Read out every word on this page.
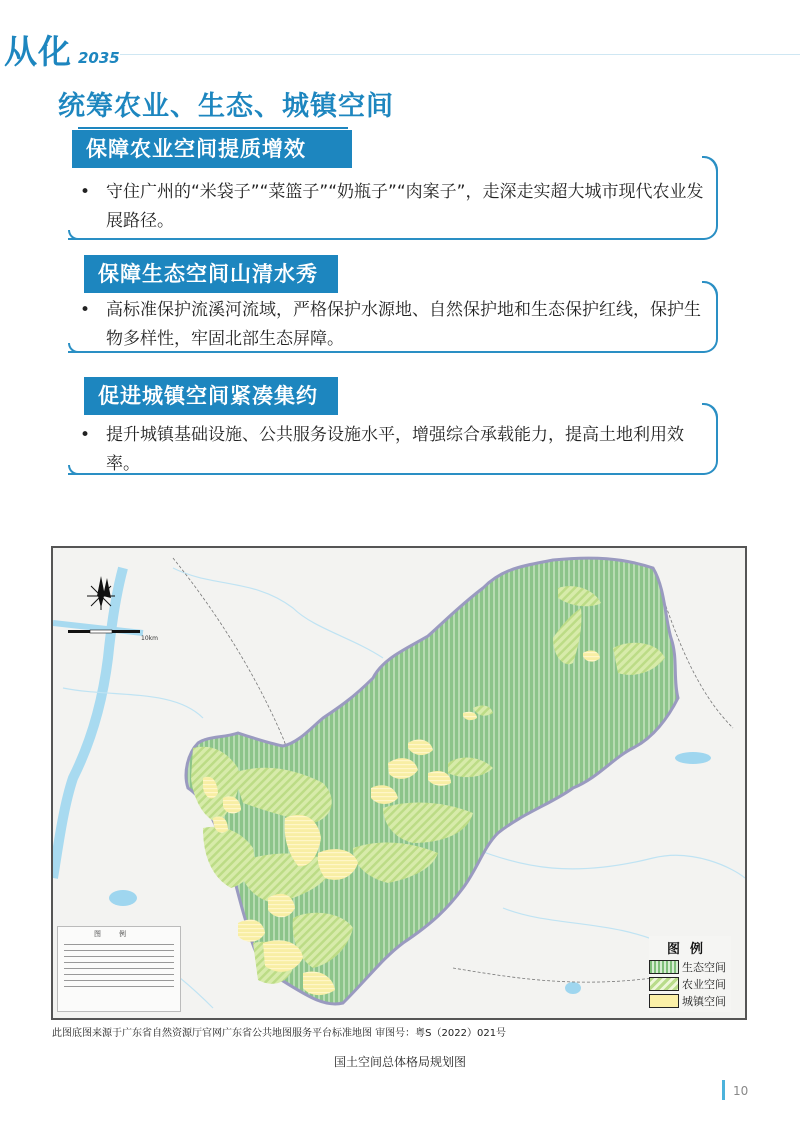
从化 2035
统筹农业、生态、城镇空间
保障农业空间提质增效
• 守住广州的“米袋子”“菜篮子”“奶瓶子”“肉案子”，走深走实超大城市现代农业发展路径。
保障生态空间山清水秀
• 高标准保护流溪河流域，严格保护水源地、自然保护地和生态保护红线，保护生物多样性，牢固北部生态屏障。
促进城镇空间紧凑集约
• 提升城镇基础设施、公共服务设施水平，增强综合承载能力，提高土地利用效率。
10km
图例
图例
生态空间
农业空间
城镇空间
此图底图来源于广东省自然资源厅官网广东省公共地图服务平台标准地图 审图号：粤S（2022）021号
国土空间总体格局规划图
10
